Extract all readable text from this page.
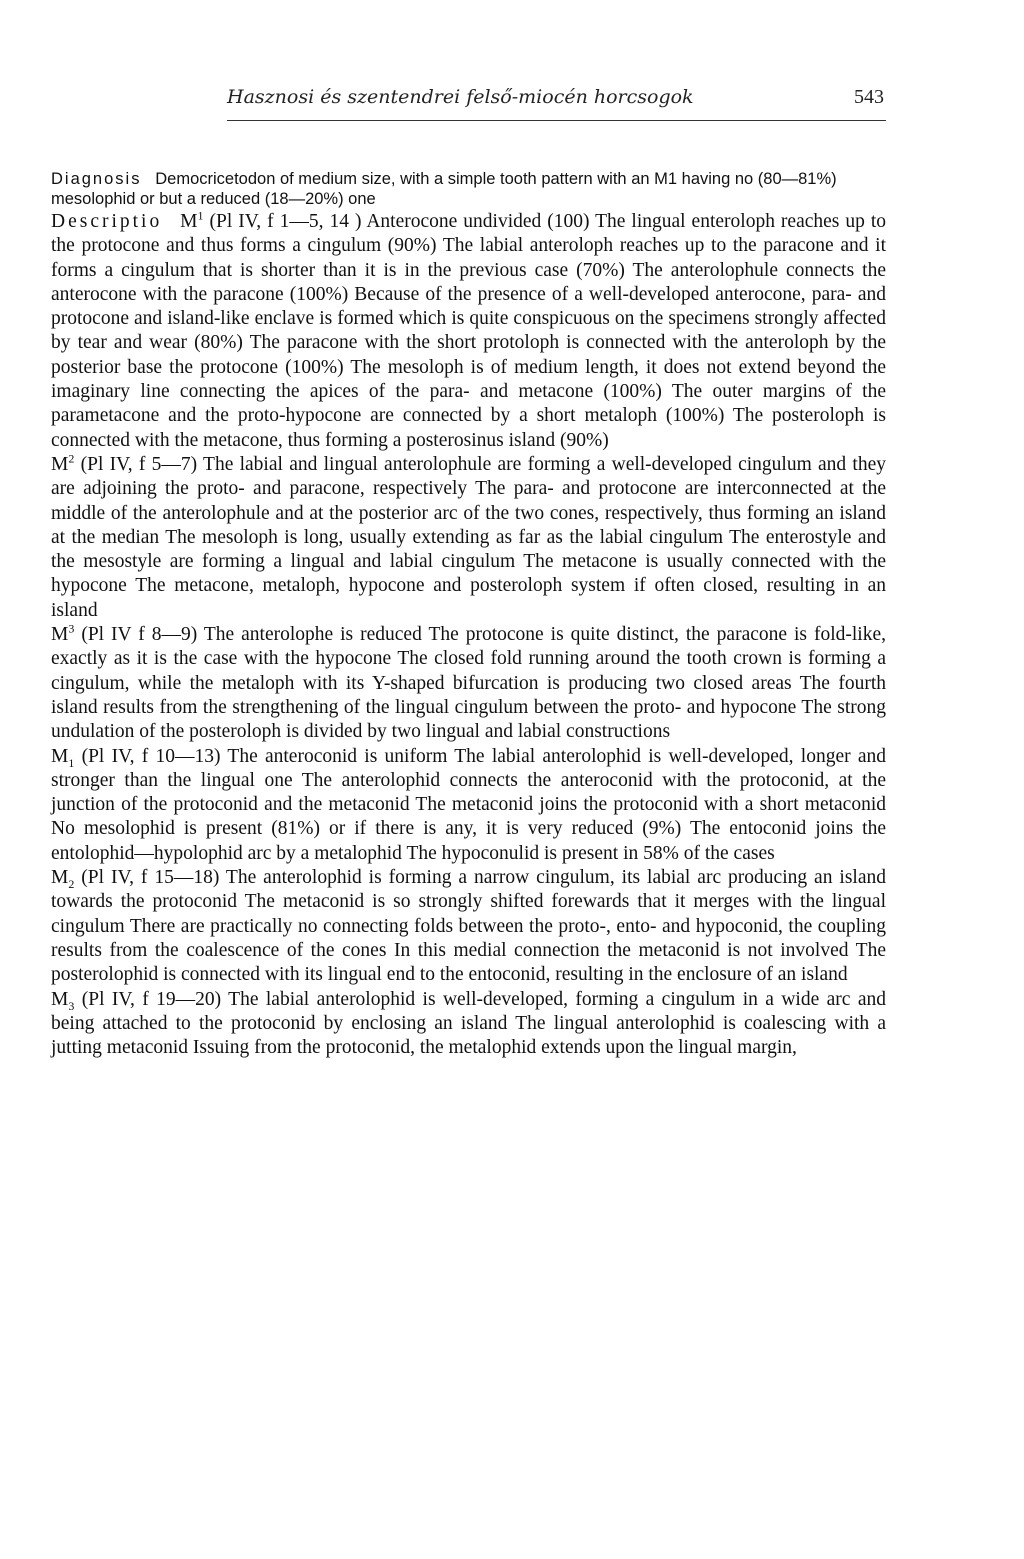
Hasznosi és szentendrei felső-miocén horcsogok	543

Diagnosis Democricetodon of medium size, with a simple tooth pattern with an M1 having no (80—81%) mesolophid or but a reduced (18—20%) one

Descriptio $M^1$ (Pl IV, f 1—5, 14 ) Anterocone undivided (100) The lingual enteroloph reaches up to the protocone and thus forms a cingulum (90%) The labial anteroloph reaches up to the paracone and it forms a cingulum that is shorter than it is in the previous case (70%) The anterolophule connects the anterocone with the paracone (100%) Because of the presence of a well-developed anterocone, para- and protocone and island-like enclave is formed which is quite conspicuous on the specimens strongly affected by tear and wear (80%) The paracone with the short protoloph is connected with the anteroloph by the posterior base the protocone (100%) The mesoloph is of medium length, it does not extend beyond the imaginary line connecting the apices of the para- and metacone (100%) The outer margins of the parametacone and the proto-hypocone are connected by a short metaloph (100%) The posteroloph is connected with the metacone, thus forming a posterosinus island (90%)

$M^2$ (Pl IV, f 5—7) The labial and lingual anterolophule are forming a well-developed cingulum and they are adjoining the proto- and paracone, respectively The para- and protocone are interconnected at the middle of the anterolophule and at the posterior arc of the two cones, respectively, thus forming an island at the median The mesoloph is long, usually extending as far as the labial cingulum The enterostyle and the mesostyle are forming a lingual and labial cingulum The metacone is usually connected with the hypocone The metacone, metaloph, hypocone and posteroloph system if often closed, resulting in an island

$M^3$ (Pl IV f 8—9) The anterolophe is reduced The protocone is quite distinct, the paracone is fold-like, exactly as it is the case with the hypocone The closed fold running around the tooth crown is forming a cingulum, while the metaloph with its Y-shaped bifurcation is producing two closed areas The fourth island results from the strengthening of the lingual cingulum between the proto- and hypocone The strong undulation of the posteroloph is divided by two lingual and labial constructions

$M_1$ (Pl IV, f 10—13) The anteroconid is uniform The labial anterolophid is well-developed, longer and stronger than the lingual one The anterolophid connects the anteroconid with the protoconid, at the junction of the protoconid and the metaconid The metaconid joins the protoconid with a short metaconid No mesolophid is present (81%) or if there is any, it is very reduced (9%) The entoconid joins the entolophid—hypolophid arc by a metalophid The hypoconulid is present in 58% of the cases

$M_2$ (Pl IV, f 15—18) The anterolophid is forming a narrow cingulum, its labial arc producing an island towards the protoconid The metaconid is so strongly shifted forewards that it merges with the lingual cingulum There are practically no connecting folds between the proto-, ento- and hypoconid, the coupling results from the coalescence of the cones In this medial connection the metaconid is not involved The posterolophid is connected with its lingual end to the entoconid, resulting in the enclosure of an island

$M_3$ (Pl IV, f 19—20) The labial anterolophid is well-developed, forming a cingulum in a wide arc and being attached to the protoconid by enclosing an island The lingual anterolophid is coalescing with a jutting metaconid Issuing from the protoconid, the metalophid extends upon the lingual margin,
